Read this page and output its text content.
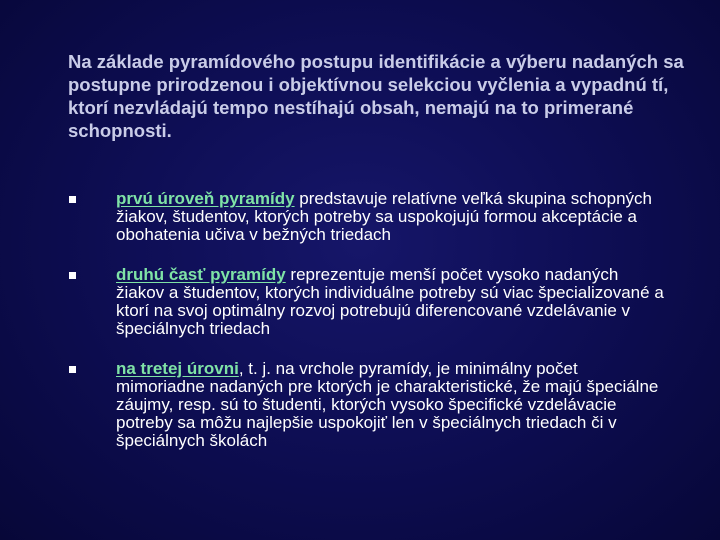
Na základe pyramídového postupu identifikácie a výberu nadaných sa postupne prirodzenou i objektívnou selekciou vyčlenia a vypadnú tí, ktorí nezvládajú tempo nestíhajú obsah, nemajú na to primerané schopnosti.
prvú úroveň pyramídy predstavuje relatívne veľká skupina schopných žiakov, študentov, ktorých potreby sa uspokojujú formou akceptácie a obohatenia učiva v bežných triedach
druhú časť pyramídy reprezentuje menší počet vysoko nadaných žiakov a študentov, ktorých individuálne potreby sú viac špecializované a ktorí na svoj optimálny rozvoj potrebujú diferencované vzdelávanie v špeciálnych triedach
na tretej úrovni, t. j. na vrchole pyramídy, je minimálny počet mimoriadne nadaných pre ktorých je charakteristické, že majú špeciálne záujmy, resp. sú to študenti, ktorých vysoko špecifické vzdelávacie potreby sa môžu najlepšie uspokojiť len v špeciálnych triedach či v špeciálnych školách
